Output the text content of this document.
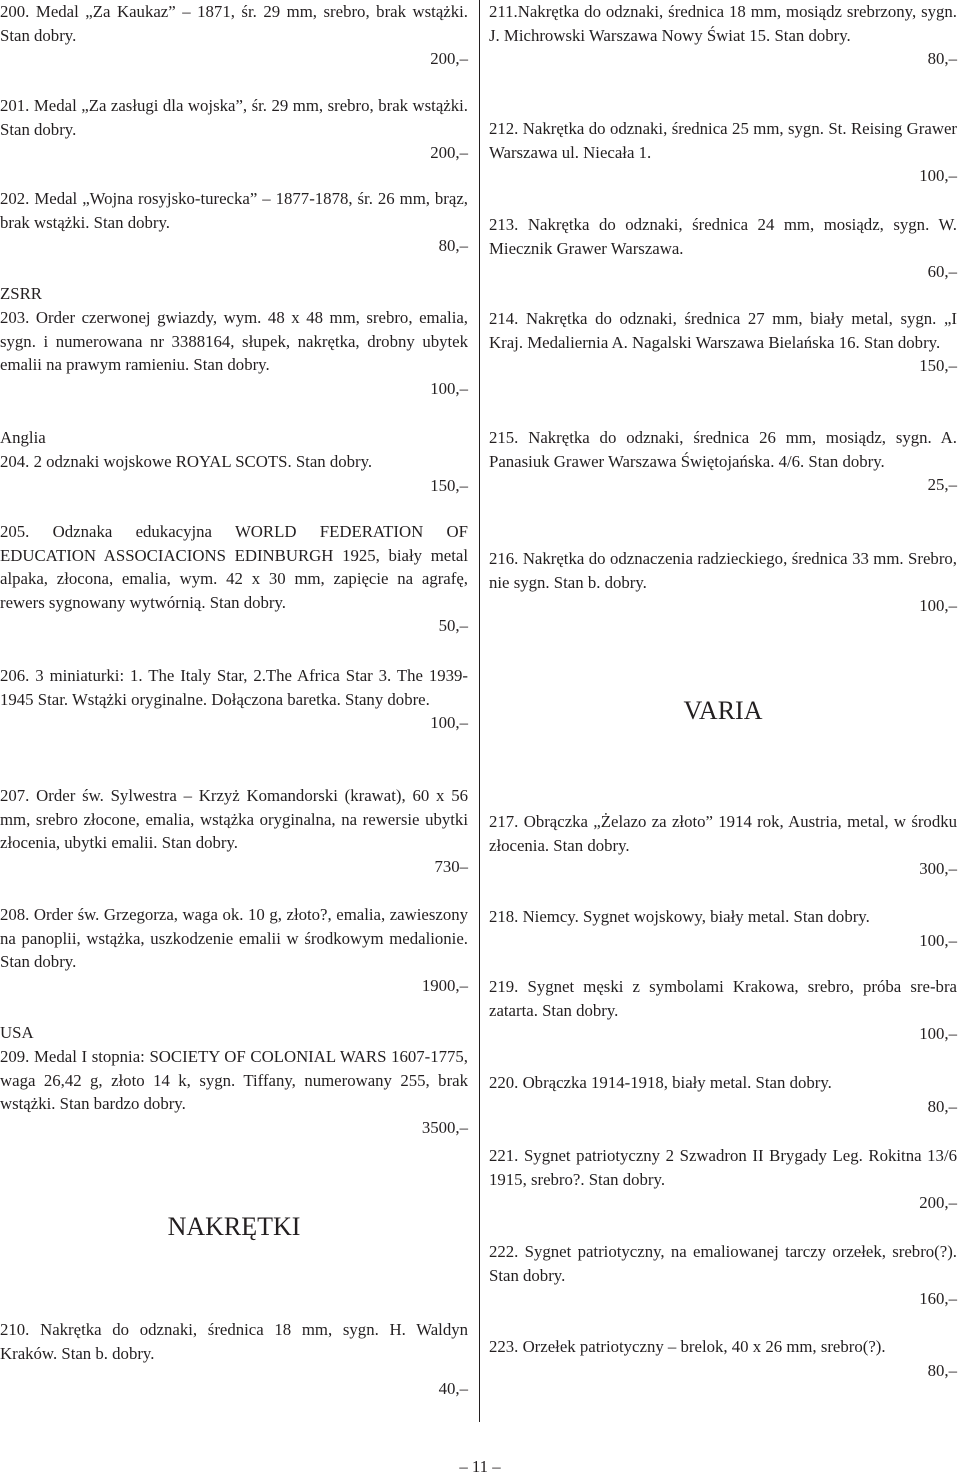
200. Medal „Za Kaukaz” – 1871, śr. 29 mm, srebro, brak wstążki. Stan dobry.

200,–

201. Medal „Za zasługi dla wojska”, śr. 29 mm, srebro, brak wstążki. Stan dobry.

200,–

202. Medal „Wojna rosyjsko-turecka” – 1877-1878, śr. 26 mm, brąz, brak wstążki. Stan dobry.

80,–

ZSRR

203. Order czerwonej gwiazdy, wym. 48 x 48 mm, srebro, emalia, sygn. i numerowana nr 3388164, słupek, nakrętka, drobny ubytek emalii na prawym ramieniu. Stan dobry.

100,–

Anglia

204. 2 odznaki wojskowe ROYAL SCOTS. Stan dobry.

150,–

205. Odznaka edukacyjna WORLD FEDERATION OF EDUCATION ASSOCIACIONS EDINBURGH 1925, biały metal alpaka, złocona, emalia, wym. 42 x 30 mm, zapięcie na agrafę, rewers sygnowany wytwórnią. Stan dobry.

50,–

206. 3 miniaturki: 1. The Italy Star, 2.The Africa Star 3. The 1939-1945 Star. Wstążki oryginalne. Dołączona baretka. Stany dobre.

100,–

207. Order św. Sylwestra – Krzyż Komandorski (krawat), 60 x 56 mm, srebro złocone, emalia, wstążka oryginalna, na rewersie ubytki złocenia, ubytki emalii. Stan dobry.

730–

208. Order św. Grzegorza, waga ok. 10 g, złoto?, emalia, zawieszony na panoplii, wstążka, uszkodzenie emalii w środkowym medalionie. Stan dobry.

1900,–

USA

209. Medal I stopnia: SOCIETY OF COLONIAL WARS 1607-1775, waga 26,42 g, złoto 14 k, sygn. Tiffany, numerowany 255, brak wstążki. Stan bardzo dobry.

3500,–

NAKRĘTKI

210. Nakrętka do odznaki, średnica 18 mm, sygn. H. Waldyn Kraków. Stan b. dobry.

40,–

211.Nakrętka do odznaki, średnica 18 mm, mosiądz srebrzony, sygn. J. Michrowski Warszawa Nowy Świat 15. Stan dobry.

80,–

212. Nakrętka do odznaki, średnica 25 mm, sygn. St. Reising Grawer Warszawa ul. Niecała 1.

100,–

213. Nakrętka do odznaki, średnica 24 mm, mosiądz, sygn. W. Miecznik Grawer Warszawa.

60,–

214. Nakrętka do odznaki, średnica 27 mm, biały metal, sygn. „I Kraj. Medaliernia A. Nagalski Warszawa Bielańska 16. Stan dobry.

150,–

215. Nakrętka do odznaki, średnica 26 mm, mosiądz, sygn. A. Panasiuk Grawer Warszawa Świętojańska. 4/6. Stan dobry.

25,–

216. Nakrętka do odznaczenia radzieckiego, średnica 33 mm. Srebro, nie sygn. Stan b. dobry.

100,–

VARIA

217. Obrączka „Żelazo za złoto” 1914 rok, Austria, metal, w środku złocenia. Stan dobry.

300,–

218. Niemcy. Sygnet wojskowy, biały metal. Stan dobry.

100,–

219. Sygnet męski z symbolami Krakowa, srebro, próba sre-bra zatarta. Stan dobry.

100,–

220. Obrączka 1914-1918, biały metal. Stan dobry.

80,–

221. Sygnet patriotyczny 2 Szwadron II Brygady Leg. Rokitna 13/6 1915, srebro?. Stan dobry.

200,–

222. Sygnet patriotyczny, na emaliowanej tarczy orzełek, srebro(?). Stan dobry.

160,–

223. Orzełek patriotyczny – brelok, 40 x 26 mm, srebro(?).

80,–

– 11 –
